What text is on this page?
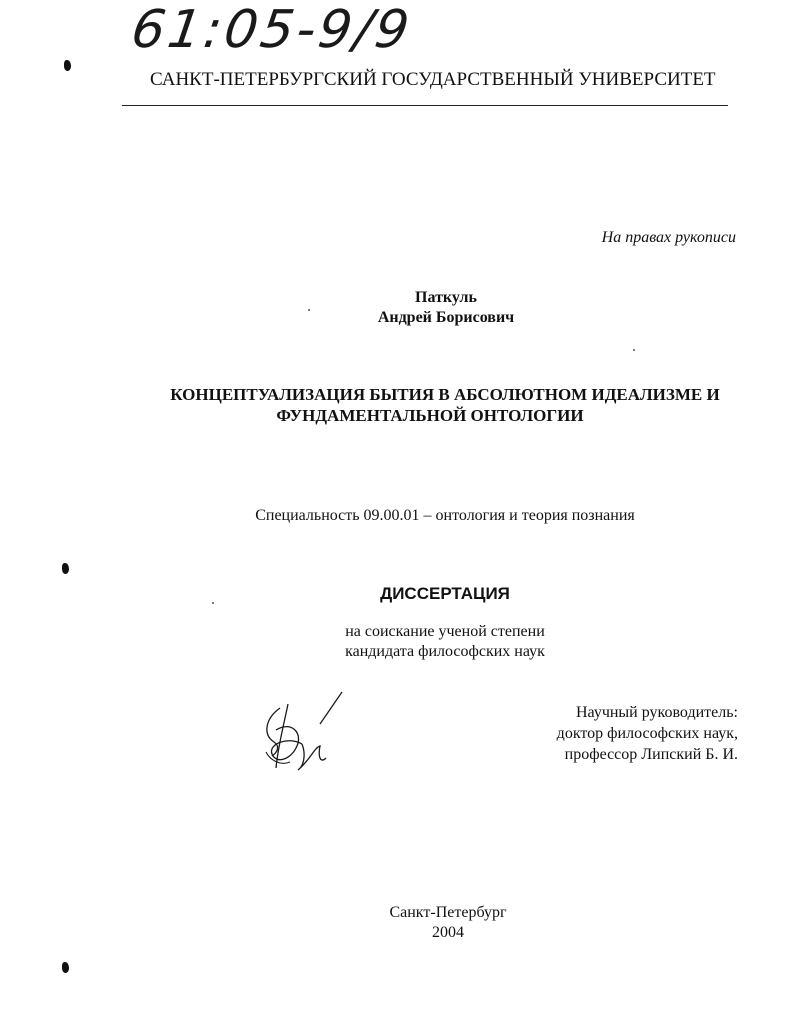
61:05-9/9
САНКТ-ПЕТЕРБУРГСКИЙ ГОСУДАРСТВЕННЫЙ УНИВЕРСИТЕТ
На правах рукописи
Паткуль
Андрей Борисович
КОНЦЕПТУАЛИЗАЦИЯ БЫТИЯ В АБСОЛЮТНОМ ИДЕАЛИЗМЕ И
ФУНДАМЕНТАЛЬНОЙ ОНТОЛОГИИ
Специальность 09.00.01 – онтология и теория познания
ДИССЕРТАЦИЯ
на соискание ученой степени
кандидата философских наук
Научный руководитель:
доктор философских наук,
профессор Липский Б. И.
Санкт-Петербург
2004
